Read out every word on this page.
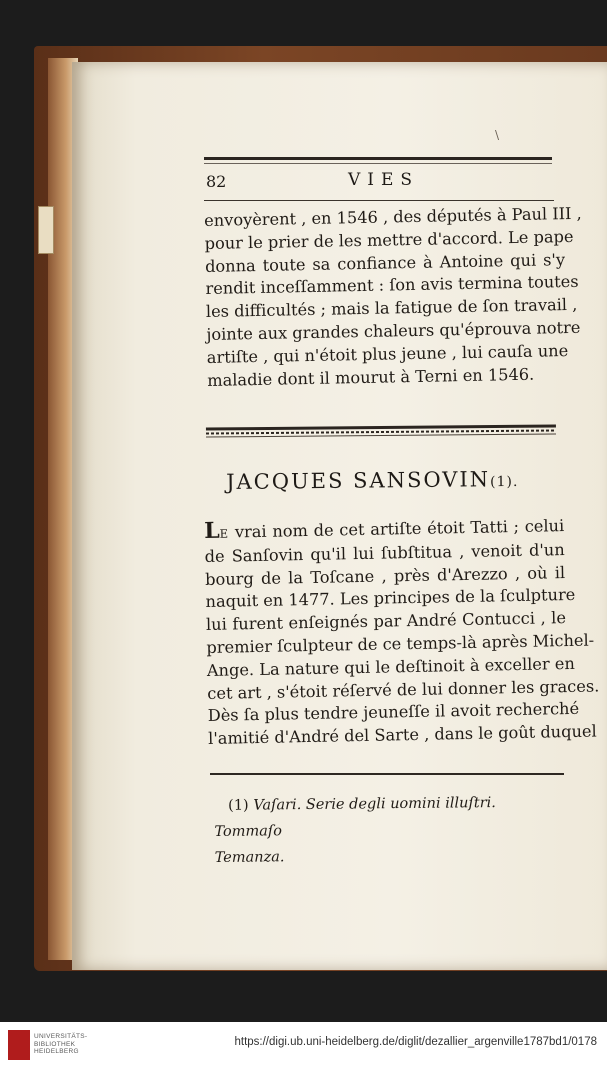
\
82	VIES
envoyèrent , en 1546 , des députés à Paul III ,
pour le prier de les mettre d'accord. Le pape
donna toute sa confiance à Antoine qui s'y
rendit inceſſamment : ſon avis termina toutes
les difficultés ; mais la fatigue de ſon travail ,
jointe aux grandes chaleurs qu'éprouva notre
artiſte , qui n'étoit plus jeune , lui cauſa une
maladie dont il mourut à Terni en 1546.
JACQUES SANSOVIN(1).
LE vrai nom de cet artiſte étoit Tatti ; celui
de Sanſovin qu'il lui ſubſtitua , venoit d'un
bourg de la Toſcane , près d'Arezzo , où il
naquit en 1477. Les principes de la ſculpture
lui furent enſeignés par André Contucci , le
premier ſculpteur de ce temps-là après Michel-
Ange. La nature qui le deſtinoit à exceller en
cet art , s'étoit réſervé de lui donner les graces.
Dès ſa plus tendre jeuneſſe il avoit recherché
l'amitié d'André del Sarte , dans le goût duquel
(1) Vaſari. Serie degli uomini illuſtri. Tommaſo
Temanza.
UNIVERSITÄTS-
BIBLIOTHEK
HEIDELBERG
https://digi.ub.uni-heidelberg.de/diglit/dezallier_argenville1787bd1/0178
